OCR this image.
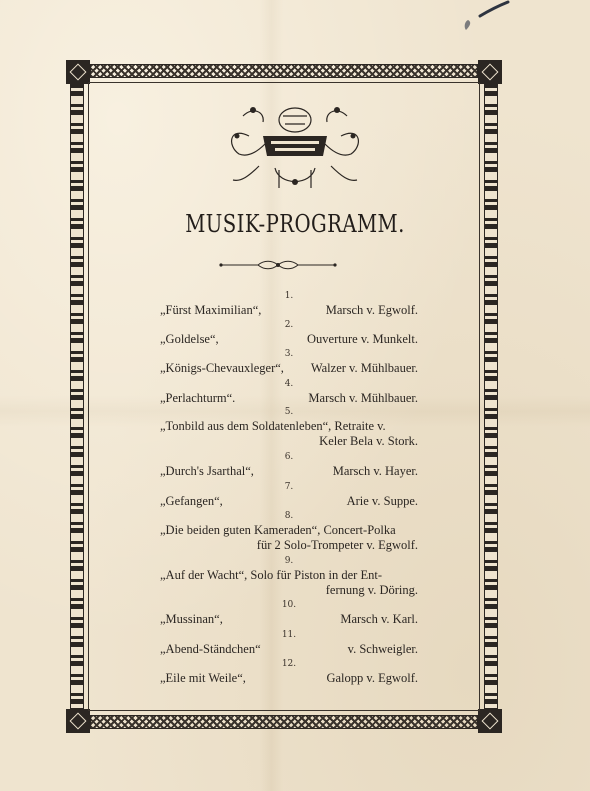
MUSIK-PROGRAMM.
1.
„Fürst Maximilian“,	Marsch v. Egwolf.
2.
„Goldelse“,	Ouverture v. Munkelt.
3.
„Königs-Chevauxleger“,	Walzer v. Mühlbauer.
4.
„Perlachturm“.	Marsch v. Mühlbauer.
5.
„Tonbild aus dem Soldatenleben“, Retraite v.
Keler Bela v. Stork.
6.
„Durch's Jsarthal“,	Marsch v. Hayer.
7.
„Gefangen“,	Arie v. Suppe.
8.
„Die beiden guten Kameraden“, Concert-Polka
für 2 Solo-Trompeter v. Egwolf.
9.
„Auf der Wacht“, Solo für Piston in der Ent-
fernung v. Döring.
10.
„Mussinan“,	Marsch v. Karl.
11.
„Abend-Ständchen“	v. Schweigler.
12.
„Eile mit Weile“,	Galopp v. Egwolf.
